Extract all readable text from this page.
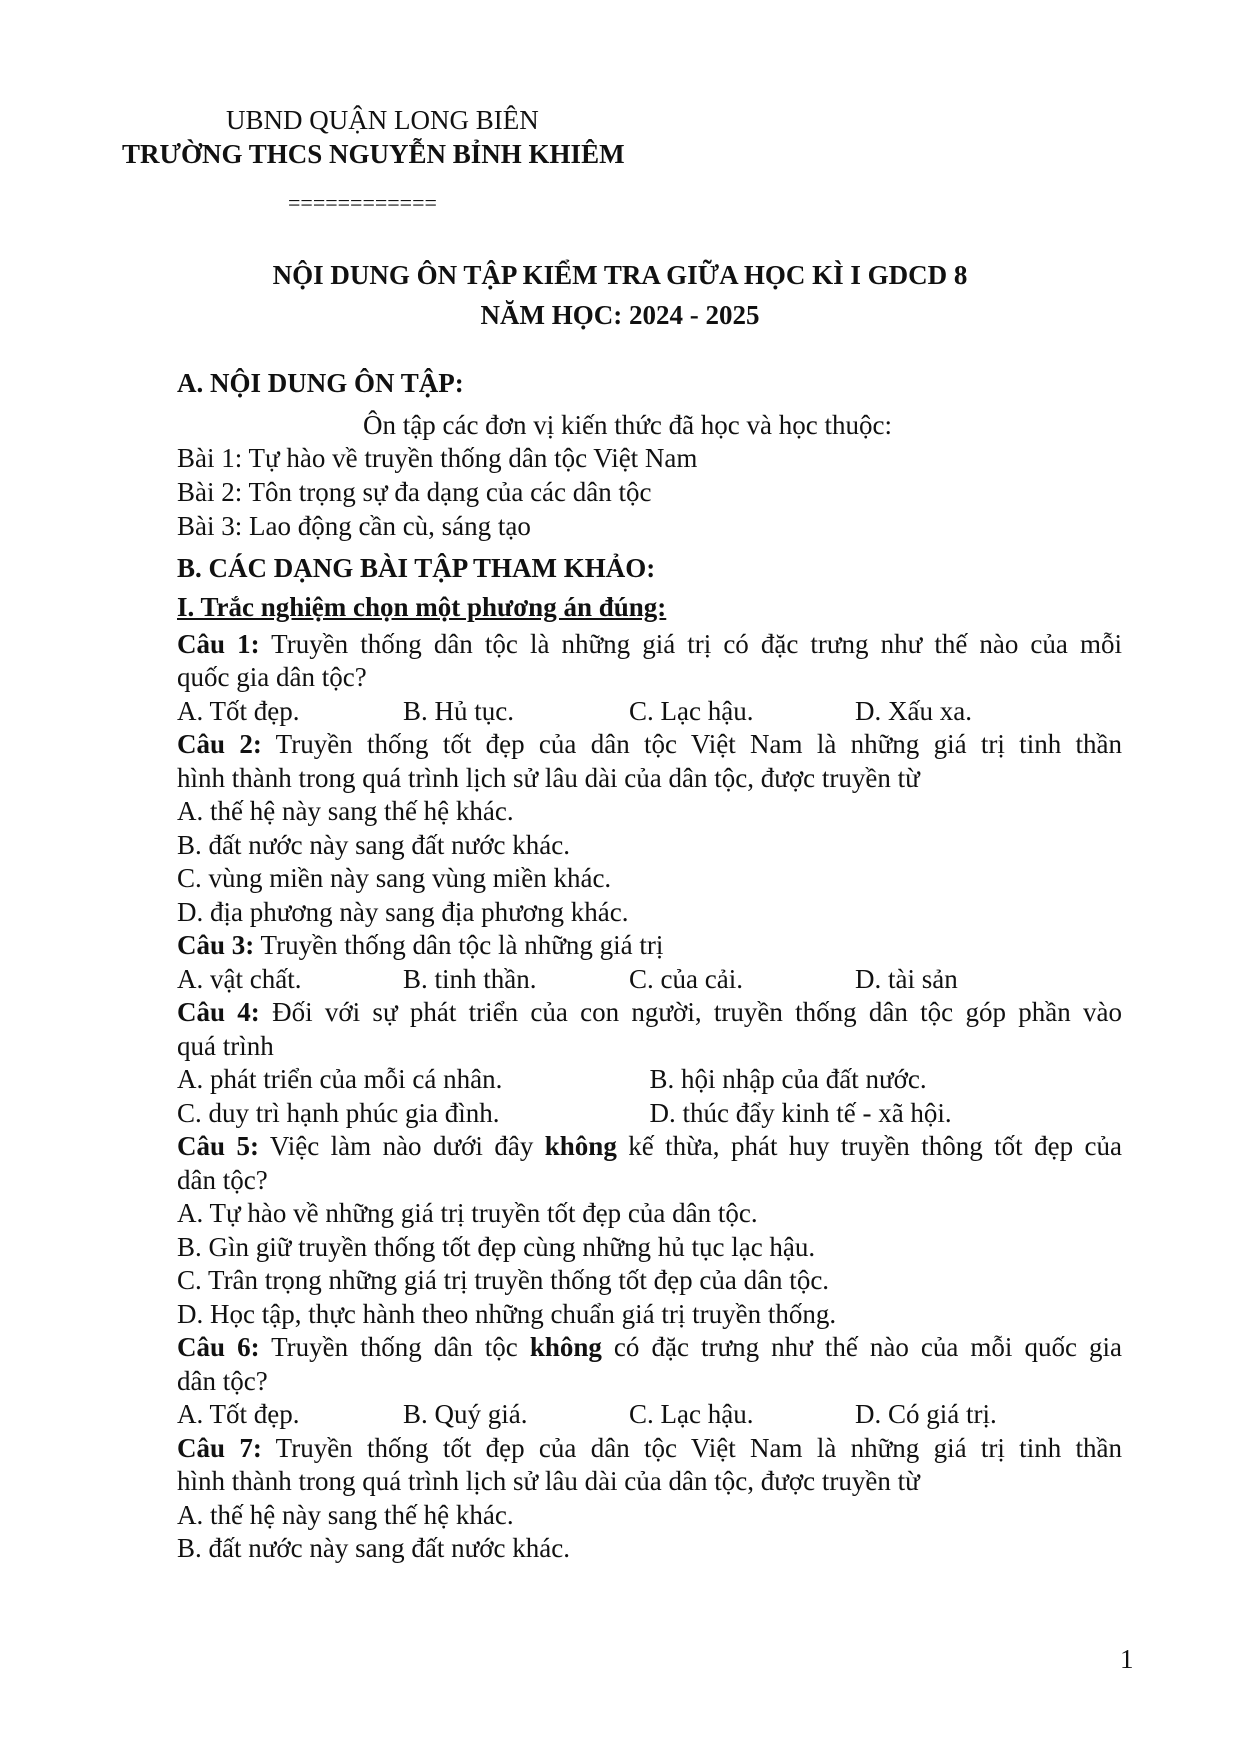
UBND QUẬN LONG BIÊN
TRƯỜNG THCS NGUYỄN BỈNH KHIÊM
============
NỘI DUNG ÔN TẬP KIỂM TRA GIỮA HỌC KÌ I GDCD 8
NĂM HỌC: 2024 - 2025
A. NỘI DUNG ÔN TẬP:
Ôn tập các đơn vị kiến thức đã học và học thuộc:
Bài 1: Tự hào về truyền thống dân tộc Việt Nam
Bài 2: Tôn trọng sự đa dạng của các dân tộc
Bài 3: Lao động cần cù, sáng tạo
B. CÁC DẠNG BÀI TẬP THAM KHẢO:
I. Trắc nghiệm chọn một phương án đúng:
Câu 1: Truyền thống dân tộc là những giá trị có đặc trưng như thế nào của mỗi
quốc gia dân tộc?
A. Tốt đẹp.	B. Hủ tục.	C. Lạc hậu.	D. Xấu xa.
Câu 2: Truyền thống tốt đẹp của dân tộc Việt Nam là những giá trị tinh thần
hình thành trong quá trình lịch sử lâu dài của dân tộc, được truyền từ
A. thế hệ này sang thế hệ khác.
B. đất nước này sang đất nước khác.
C. vùng miền này sang vùng miền khác.
D. địa phương này sang địa phương khác.
Câu 3: Truyền thống dân tộc là những giá trị
A. vật chất.	B. tinh thần.	C. của cải.	D. tài sản
Câu 4: Đối với sự phát triển của con người, truyền thống dân tộc góp phần vào
quá trình
A. phát triển của mỗi cá nhân.	B. hội nhập của đất nước.
C. duy trì hạnh phúc gia đình.	D. thúc đẩy kinh tế - xã hội.
Câu 5: Việc làm nào dưới đây không kế thừa, phát huy truyền thông tốt đẹp của
dân tộc?
A. Tự hào về những giá trị truyền tốt đẹp của dân tộc.
B. Gìn giữ truyền thống tốt đẹp cùng những hủ tục lạc hậu.
C. Trân trọng những giá trị truyền thống tốt đẹp của dân tộc.
D. Học tập, thực hành theo những chuẩn giá trị truyền thống.
Câu 6: Truyền thống dân tộc không có đặc trưng như thế nào của mỗi quốc gia
dân tộc?
A. Tốt đẹp.	B. Quý giá.	C. Lạc hậu.	D. Có giá trị.
Câu 7: Truyền thống tốt đẹp của dân tộc Việt Nam là những giá trị tinh thần
hình thành trong quá trình lịch sử lâu dài của dân tộc, được truyền từ
A. thế hệ này sang thế hệ khác.
B. đất nước này sang đất nước khác.
1
